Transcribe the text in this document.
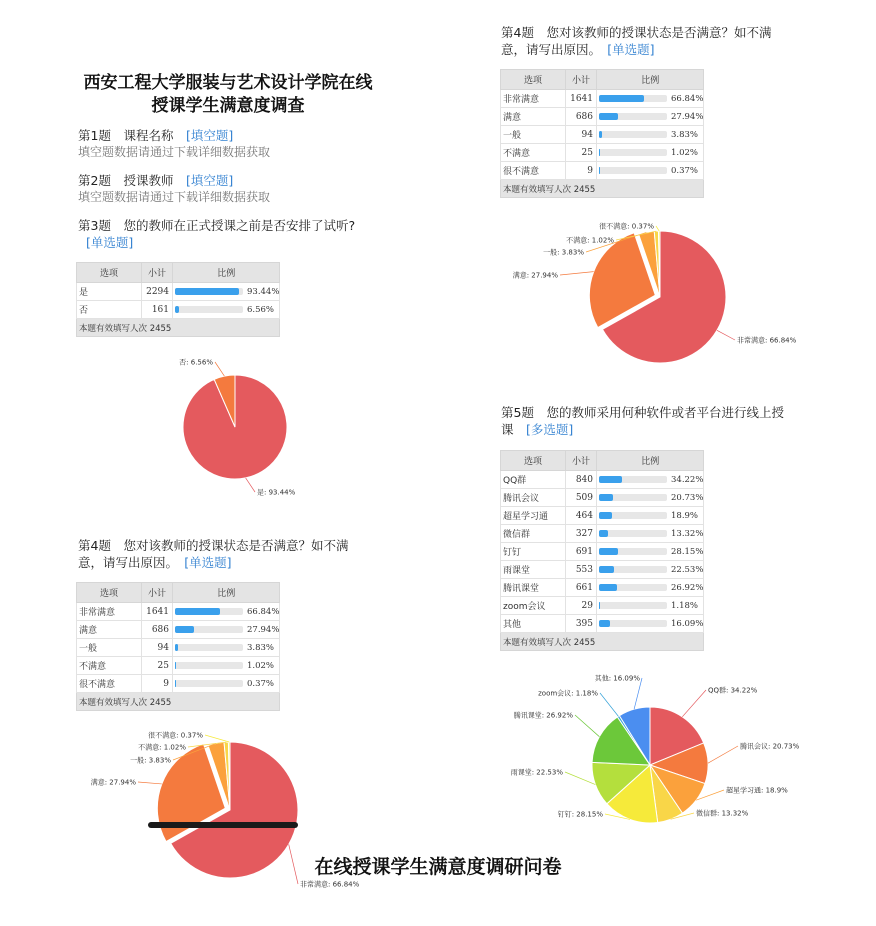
西安工程大学服装与艺术设计学院在线授课学生满意度调查
第1题　课程名称　 [填空题]
填空题数据请通过下载详细数据获取
第2题　授课教师　 [填空题]
填空题数据请通过下载详细数据获取
第3题　您的教师在正式授课之前是否安排了试听?
[单选题]
选项	小计	比例
是	2294	93.44%

否	161	6.56%

本题有效填写人次 2455		
是: 93.44%
否: 6.56%
第4题　您对该教师的授课状态是否满意？如不满意，请写出原因。　 [单选题]
选项	小计	比例
非常满意	1641	66.84%

满意	686	27.94%

一般	94	3.83%

不满意	25	1.02%

很不满意	9	0.37%

本题有效填写人次 2455		
非常满意: 66.84%
满意: 27.94%
一般: 3.83%
不满意: 1.02%
很不满意: 0.37%
第4题　您对该教师的授课状态是否满意？如不满意，请写出原因。　 [单选题]
选项	小计	比例
非常满意	1641	66.84%

满意	686	27.94%

一般	94	3.83%

不满意	25	1.02%

很不满意	9	0.37%

本题有效填写人次 2455		
非常满意: 66.84%
满意: 27.94%
一般: 3.83%
不满意: 1.02%
很不满意: 0.37%
第5题　您的教师采用何种软件或者平台进行线上授课　 [多选题]
选项	小计	比例
QQ群	840	34.22%

腾讯会议	509	20.73%

超星学习通	464	18.9%

微信群	327	13.32%

钉钉	691	28.15%

雨课堂	553	22.53%

腾讯课堂	661	26.92%

zoom会议	29	1.18%

其他	395	16.09%

本题有效填写人次 2455		
QQ群: 34.22%
腾讯会议: 20.73%
超星学习通: 18.9%
微信群: 13.32%
钉钉: 28.15%
雨课堂: 22.53%
腾讯课堂: 26.92%
zoom会议: 1.18%
其他: 16.09%
在线授课学生满意度调研问卷
